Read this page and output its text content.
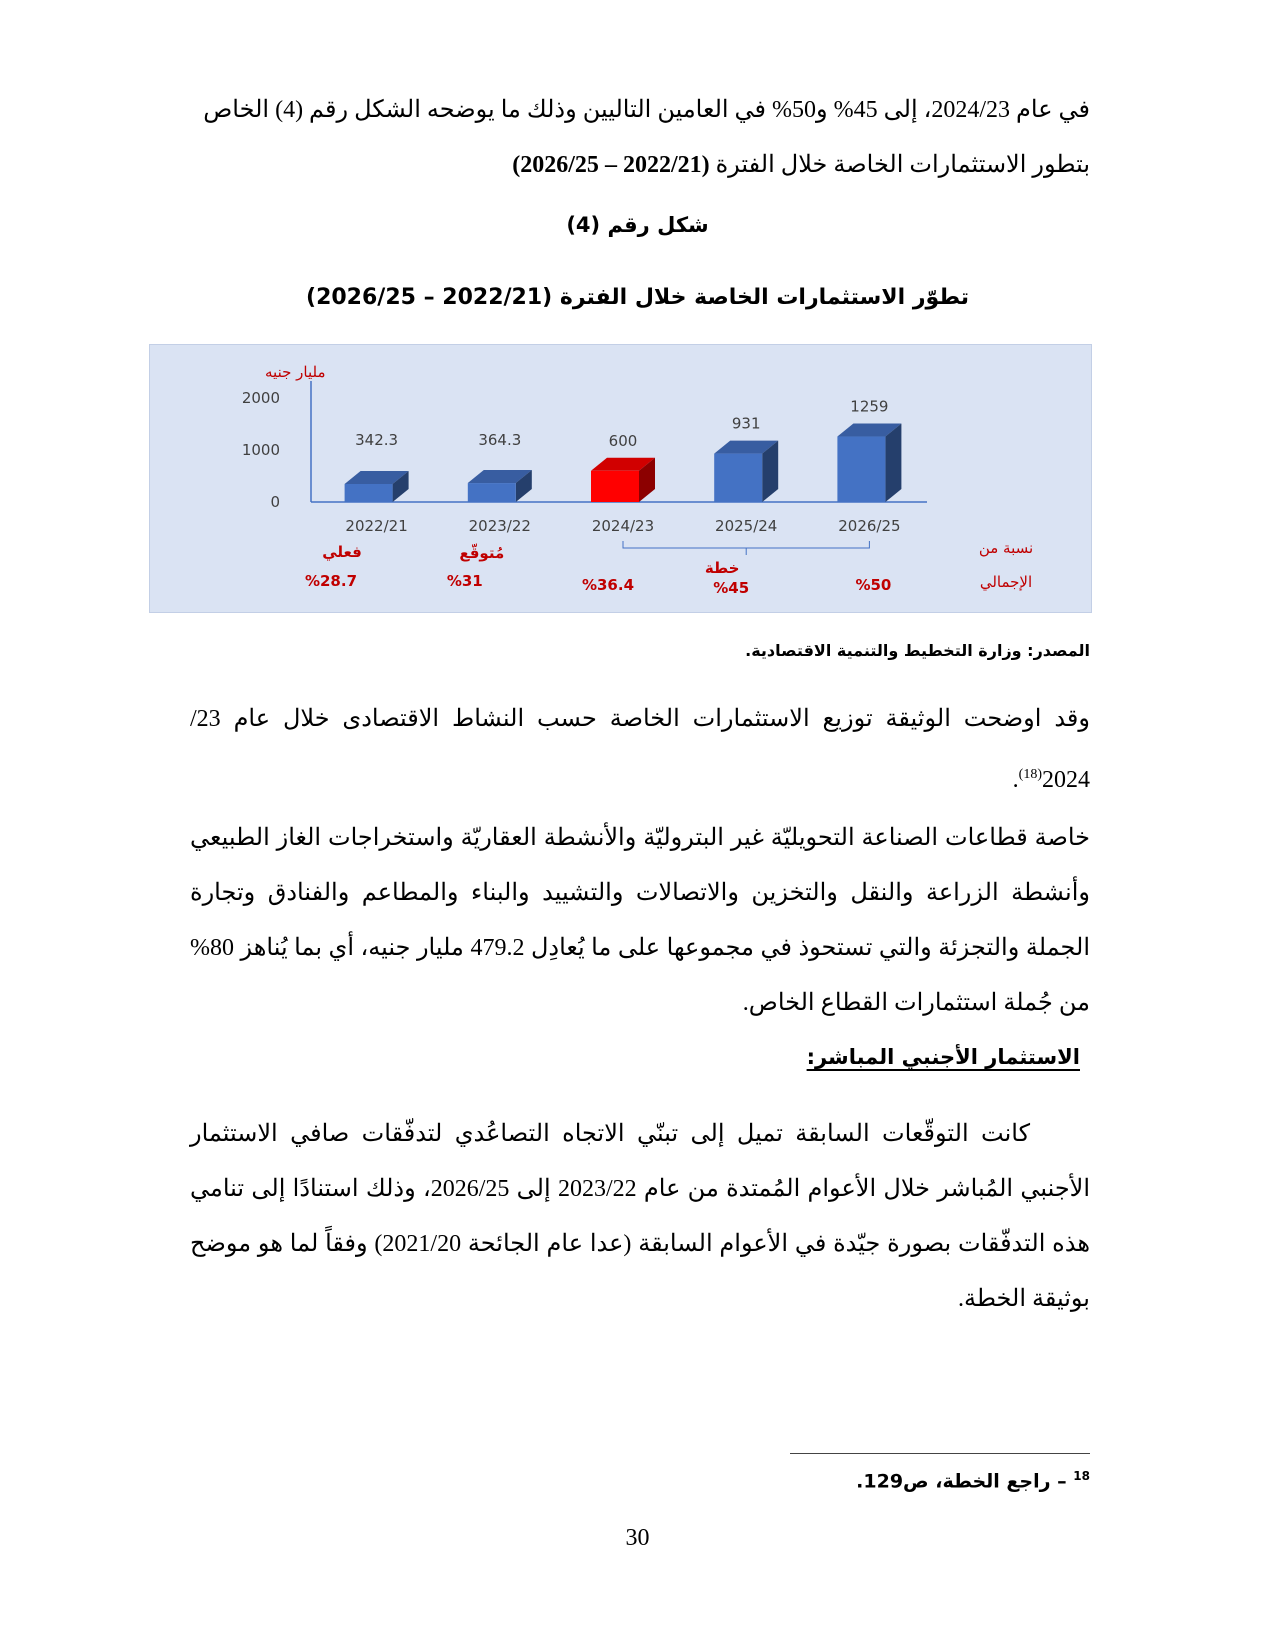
في عام 2024/23، إلى 45% و50% في العامين التاليين وذلك ما يوضحه الشكل رقم (4) الخاص

بتطور الاستثمارات الخاصة خلال الفترة (2022/21 – 2026/25)

شكل رقم (4)
تطوّر الاستثمارات الخاصة خلال الفترة (2022/21 – 2026/25)
مليار جنيه
0
1000
2000
342.3
2022/21
364.3
2023/22
600
2024/23
931
2025/24
1259
2026/25
فعلي	مُتوقّع
خطة
نسبة من
الإجمالي
%28.7	%31	%36.4	%45	%50
المصدر: وزارة التخطيط والتنمية الاقتصادية.

وقد اوضحت الوثيقة توزيع الاستثمارات الخاصة حسب النشاط الاقتصادى خلال عام 23/ 2024$^{(18)}$.

خاصة قطاعات الصناعة التحويليّة غير البتروليّة والأنشطة العقاريّة واستخراجات الغاز الطبيعي وأنشطة الزراعة والنقل والتخزين والاتصالات والتشييد والبناء والمطاعم والفنادق وتجارة الجملة والتجزئة والتي تستحوذ في مجموعها على ما يُعادِل 479.2 مليار جنيه، أي بما يُناهز 80% من جُملة استثمارات القطاع الخاص.

الاستثمار الأجنبي المباشر:

كانت التوقّعات السابقة تميل إلى تبنّي الاتجاه التصاعُدي لتدفّقات صافي الاستثمار الأجنبي المُباشر خلال الأعوام المُمتدة من عام 2023/22 إلى 2026/25، وذلك استنادًا إلى تنامي هذه التدفّقات بصورة جيّدة في الأعوام السابقة (عدا عام الجائحة 2021/20) وفقاً لما هو موضح بوثيقة الخطة.

$^{18}$ – راجع الخطة، ص129.
30
